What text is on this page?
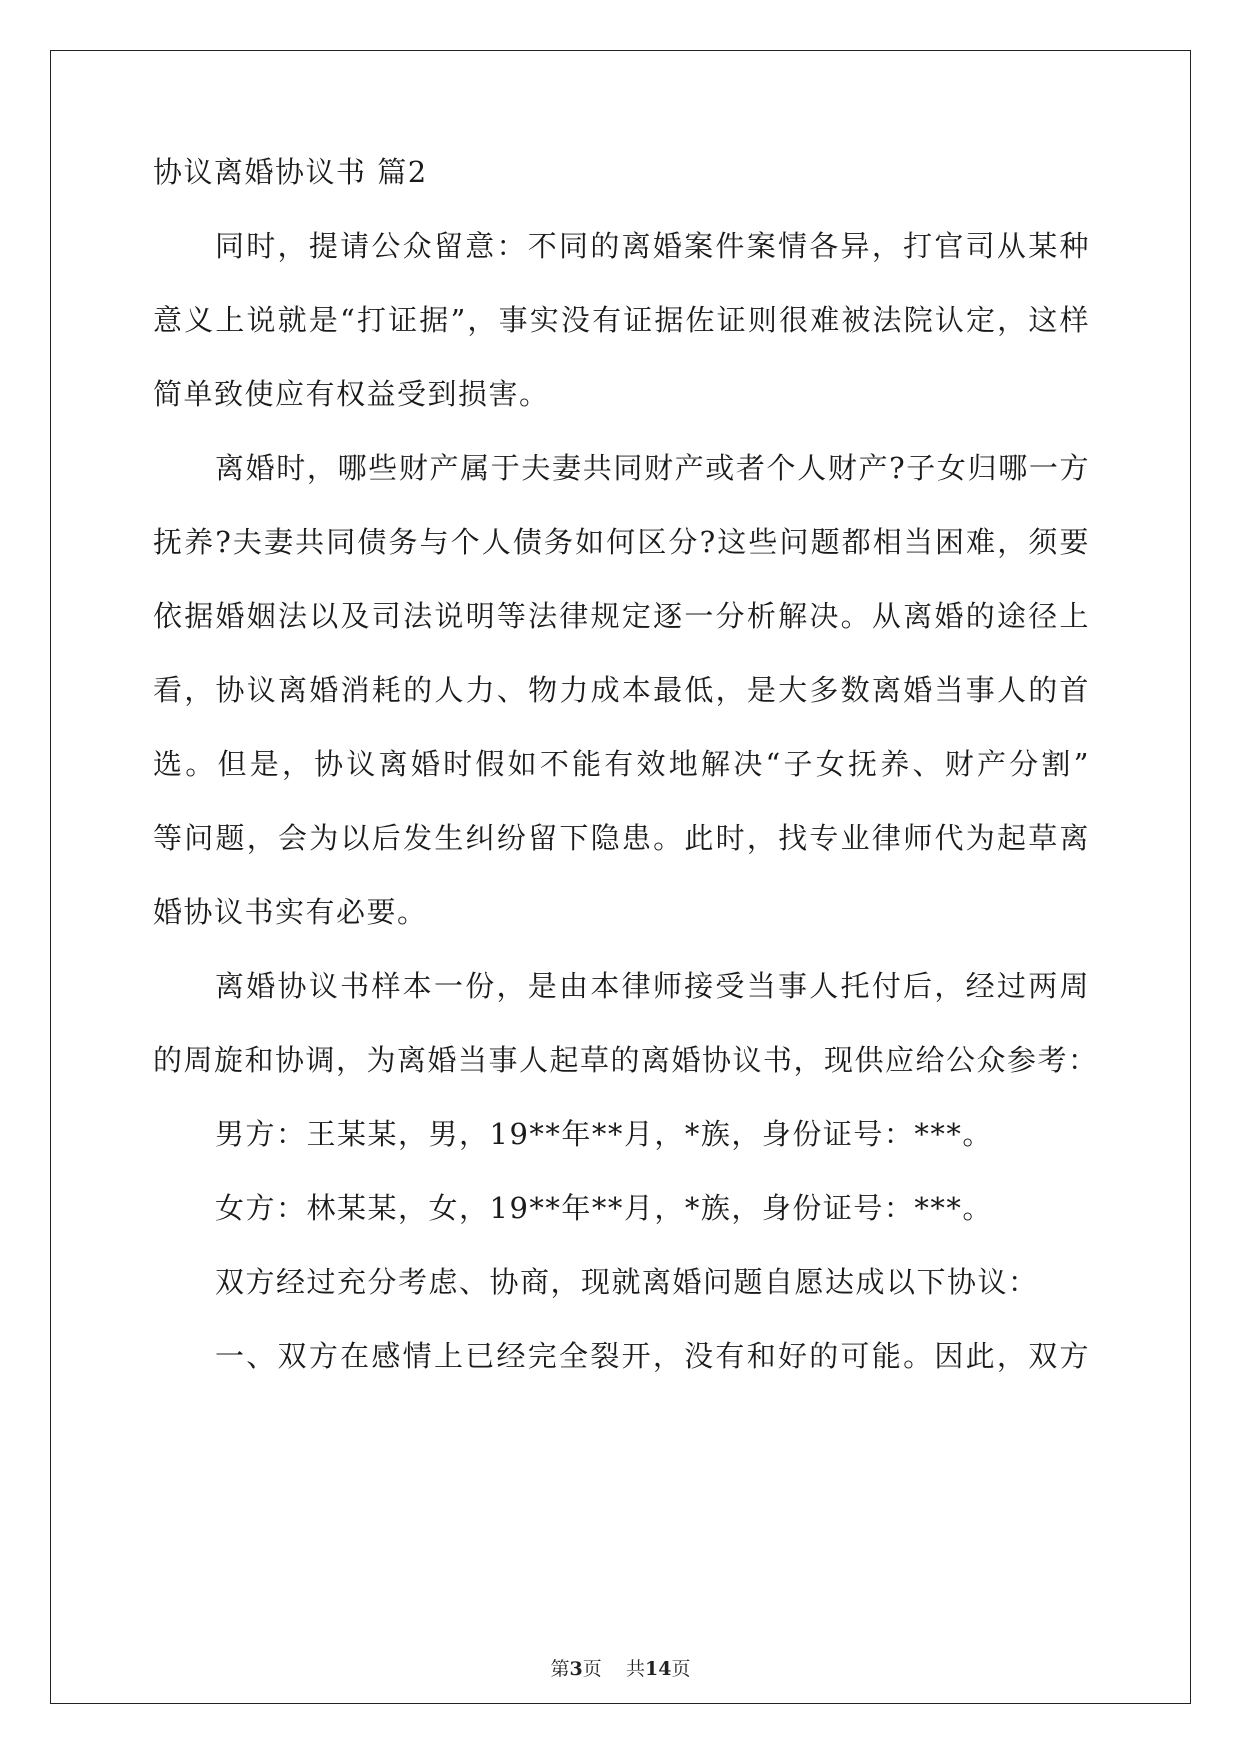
协议离婚协议书 篇2
同时，提请公众留意：不同的离婚案件案情各异，打官司从某种
意义上说就是“打证据”，事实没有证据佐证则很难被法院认定，这样
简单致使应有权益受到损害。
离婚时，哪些财产属于夫妻共同财产或者个人财产?子女归哪一方
抚养?夫妻共同债务与个人债务如何区分?这些问题都相当困难，须要
依据婚姻法以及司法说明等法律规定逐一分析解决。从离婚的途径上
看，协议离婚消耗的人力、物力成本最低，是大多数离婚当事人的首
选。但是，协议离婚时假如不能有效地解决“子女抚养、财产分割”
等问题，会为以后发生纠纷留下隐患。此时，找专业律师代为起草离
婚协议书实有必要。
离婚协议书样本一份，是由本律师接受当事人托付后，经过两周
的周旋和协调，为离婚当事人起草的离婚协议书，现供应给公众参考：
男方：王某某，男，19**年**月，*族，身份证号：***。
女方：林某某，女，19**年**月，*族，身份证号：***。
双方经过充分考虑、协商，现就离婚问题自愿达成以下协议：
一、双方在感情上已经完全裂开，没有和好的可能。因此，双方
第3页 共14页
